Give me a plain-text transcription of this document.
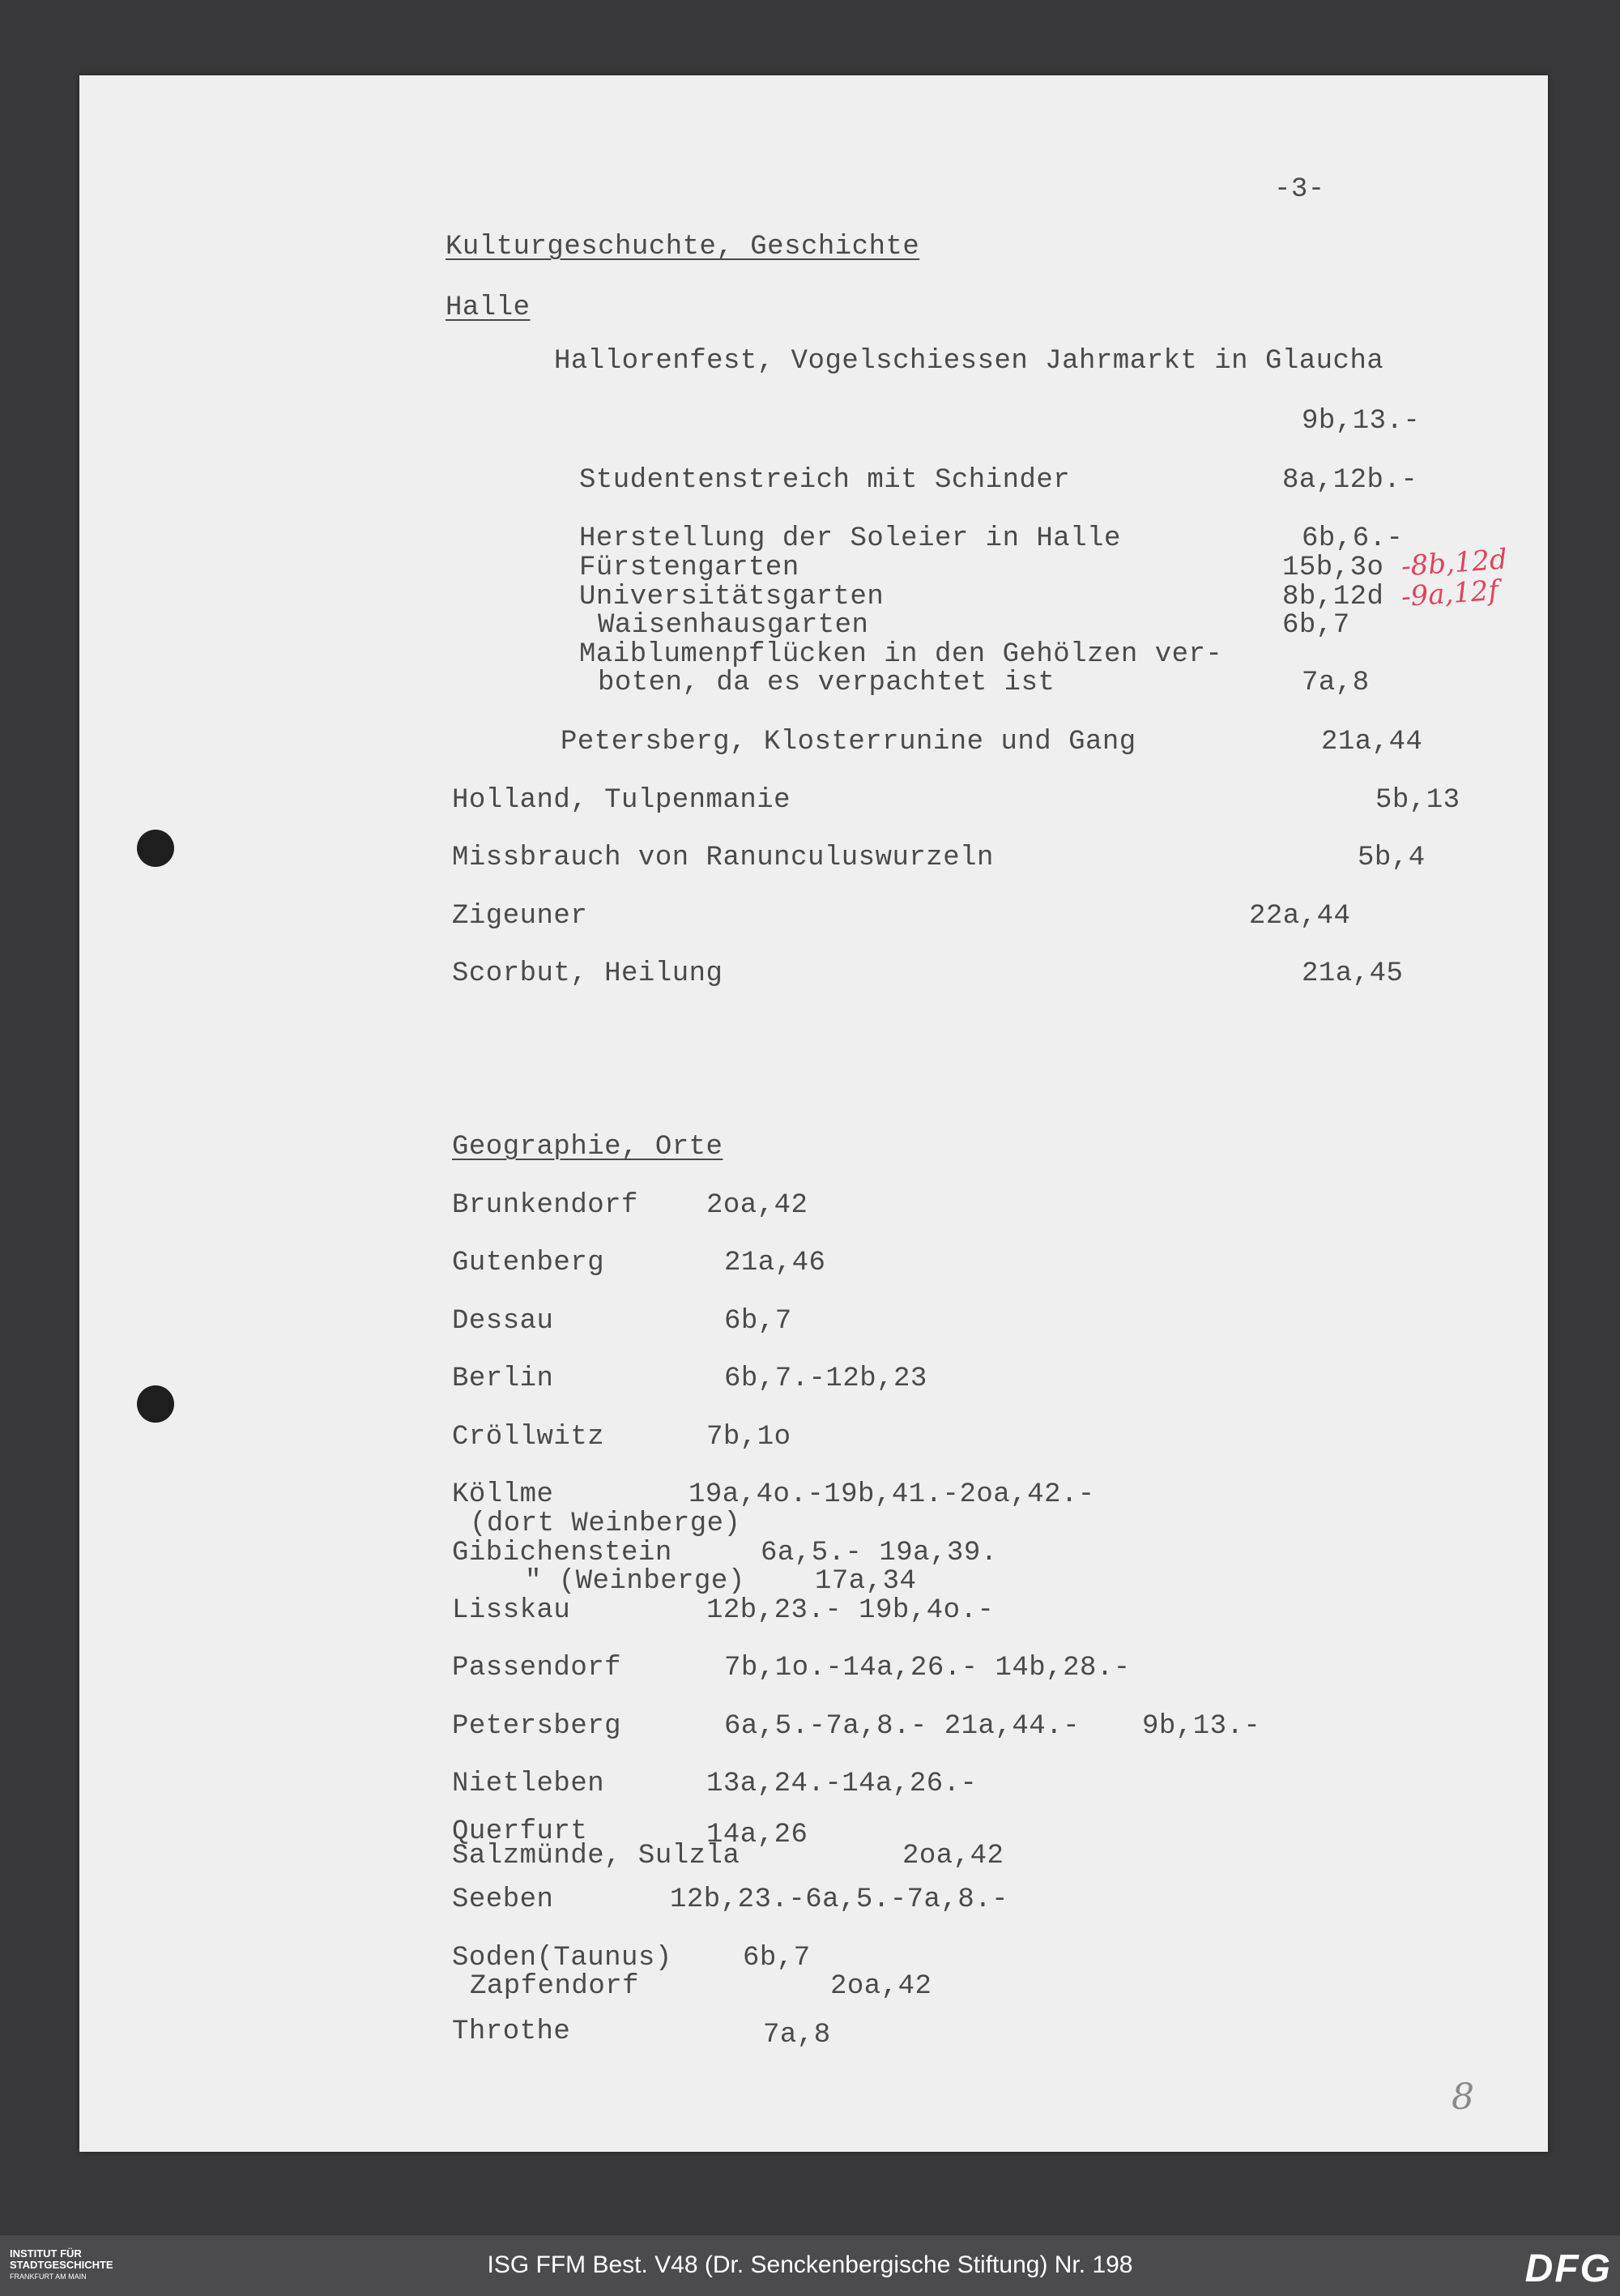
-3-
Kulturgeschuchte, Geschichte
Halle
Hallorenfest, Vogelschiessen Jahrmarkt in Glaucha
9b,13.-
Studentenstreich mit Schinder	8a,12b.-
Herstellung der Soleier in Halle	6b,6.-
Fürstengarten	15b,3o -8b,12d
Universitätsgarten	8b,12d -9a,12f
Waisenhausgarten	6b,7
Maiblumenpflücken in den Gehölzen ver-
boten, da es verpachtet ist	7a,8
Petersberg, Klosterrunine und Gang	21a,44
Holland, Tulpenmanie	5b,13
Missbrauch von Ranunculuswurzeln	5b,4
Zigeuner	22a,44
Scorbut, Heilung	21a,45
Geographie, Orte
Brunkendorf 2oa,42
Gutenberg	21a,46
Dessau	6b,7
Berlin	6b,7.-12b,23
Cröllwitz	7b,1o
Köllme	19a,4o.-19b,41.-2oa,42.-
(dort Weinberge)
Gibichenstein	6a,5.- 19a,39.
" (Weinberge)	17a,34
Lisskau	12b,23.- 19b,4o.-
Passendorf	7b,1o.-14a,26.- 14b,28.-
Petersberg	6a,5.-7a,8.- 21a,44.- 9b,13.-
Nietleben	13a,24.-14a,26.-
Querfurt	14a,26
Salzmünde, Sulzla	2oa,42
Seeben	12b,23.-6a,5.-7a,8.-
Soden(Taunus)	6b,7
Zapfendorf	2oa,42
Throthe	7a,8
8
INSTITUT FÜR
STADTGESCHICHTE
FRANKFURT AM MAIN	ISG FFM Best. V48 (Dr. Senckenbergische Stiftung) Nr. 198	DFG
